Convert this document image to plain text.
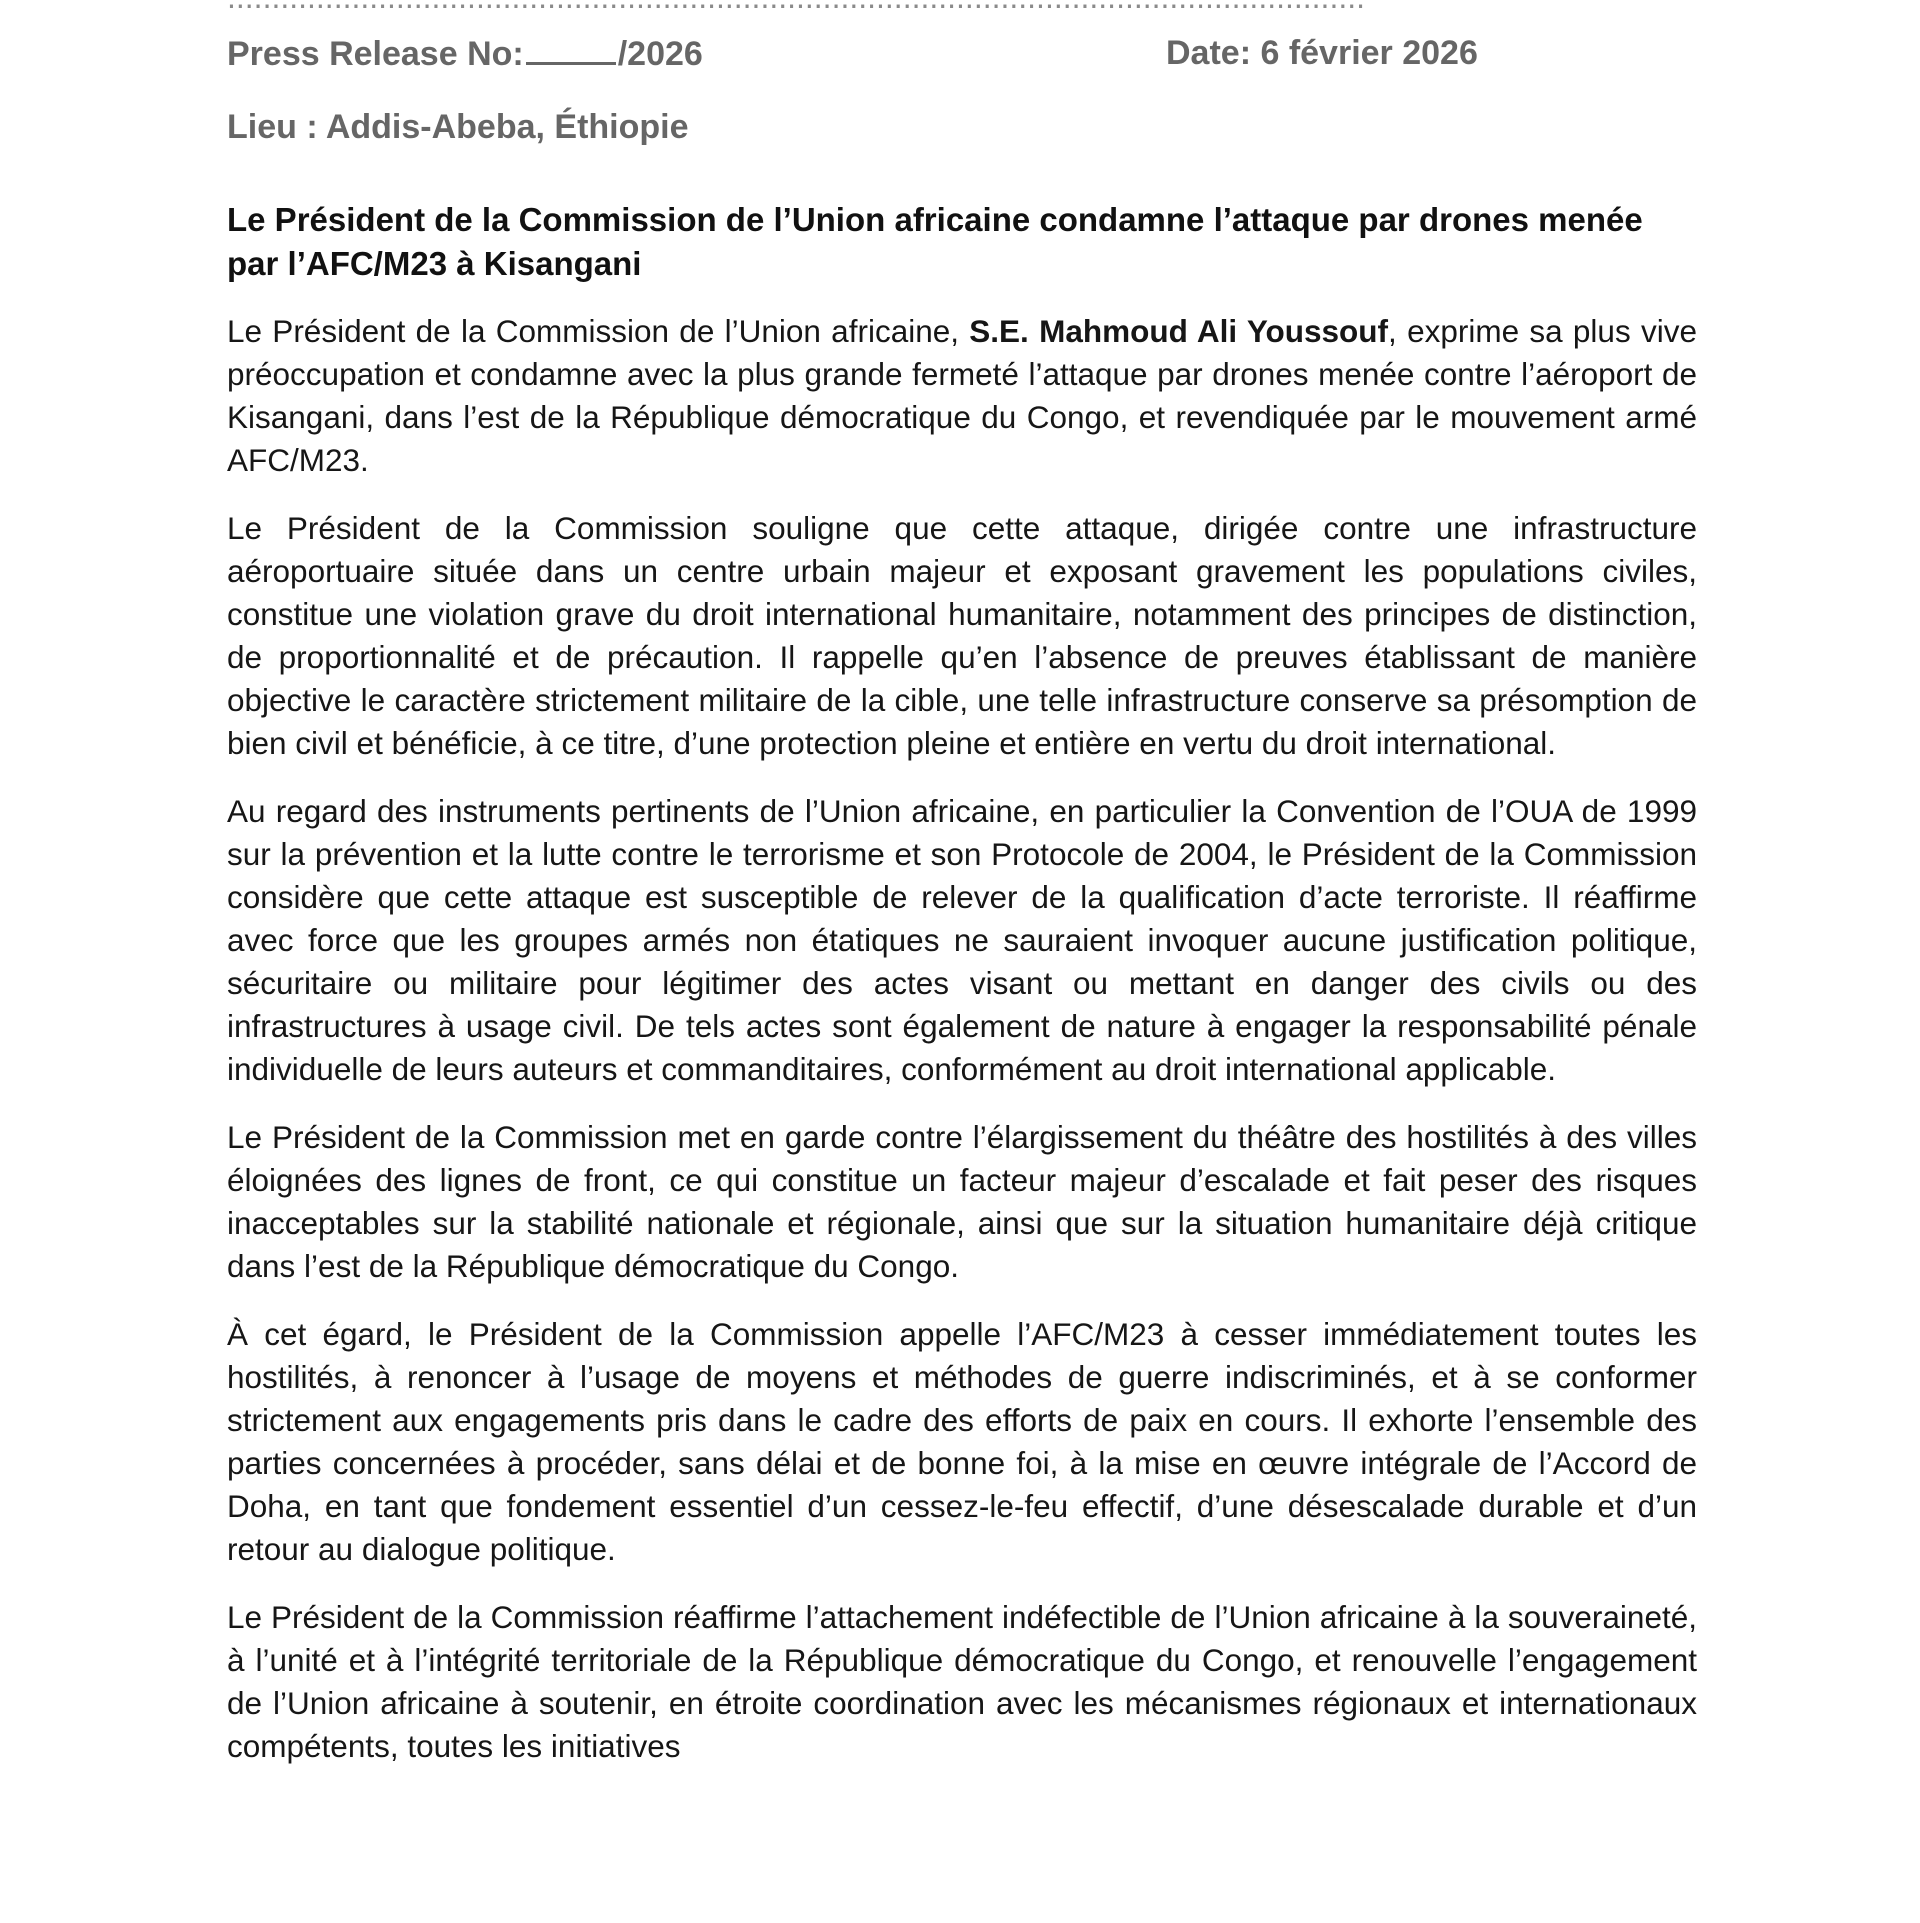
Press Release No:	/2026	Date: 6 février 2026
Lieu : Addis-Abeba, Éthiopie
Le Président de la Commission de l’Union africaine condamne l’attaque par drones menée par l’AFC/M23 à Kisangani

Le Président de la Commission de l’Union africaine, S.E. Mahmoud Ali Youssouf, exprime sa plus vive préoccupation et condamne avec la plus grande fermeté l’attaque par drones menée contre l’aéroport de Kisangani, dans l’est de la République démocratique du Congo, et revendiquée par le mouvement armé AFC/M23.

Le Président de la Commission souligne que cette attaque, dirigée contre une infrastructure aéroportuaire située dans un centre urbain majeur et exposant gravement les populations civiles, constitue une violation grave du droit international humanitaire, notamment des principes de distinction, de proportionnalité et de précaution. Il rappelle qu’en l’absence de preuves établissant de manière objective le caractère strictement militaire de la cible, une telle infrastructure conserve sa présomption de bien civil et bénéficie, à ce titre, d’une protection pleine et entière en vertu du droit international.

Au regard des instruments pertinents de l’Union africaine, en particulier la Convention de l’OUA de 1999 sur la prévention et la lutte contre le terrorisme et son Protocole de 2004, le Président de la Commission considère que cette attaque est susceptible de relever de la qualification d’acte terroriste. Il réaffirme avec force que les groupes armés non étatiques ne sauraient invoquer aucune justification politique, sécuritaire ou militaire pour légitimer des actes visant ou mettant en danger des civils ou des infrastructures à usage civil. De tels actes sont également de nature à engager la responsabilité pénale individuelle de leurs auteurs et commanditaires, conformément au droit international applicable.

Le Président de la Commission met en garde contre l’élargissement du théâtre des hostilités à des villes éloignées des lignes de front, ce qui constitue un facteur majeur d’escalade et fait peser des risques inacceptables sur la stabilité nationale et régionale, ainsi que sur la situation humanitaire déjà critique dans l’est de la République démocratique du Congo.

À cet égard, le Président de la Commission appelle l’AFC/M23 à cesser immédiatement toutes les hostilités, à renoncer à l’usage de moyens et méthodes de guerre indiscriminés, et à se conformer strictement aux engagements pris dans le cadre des efforts de paix en cours. Il exhorte l’ensemble des parties concernées à procéder, sans délai et de bonne foi, à la mise en œuvre intégrale de l’Accord de Doha, en tant que fondement essentiel d’un cessez-le-feu effectif, d’une désescalade durable et d’un retour au dialogue politique.

Le Président de la Commission réaffirme l’attachement indéfectible de l’Union africaine à la souveraineté, à l’unité et à l’intégrité territoriale de la République démocratique du Congo, et renouvelle l’engagement de l’Union africaine à soutenir, en étroite coordination avec les mécanismes régionaux et internationaux compétents, toutes les initiatives
